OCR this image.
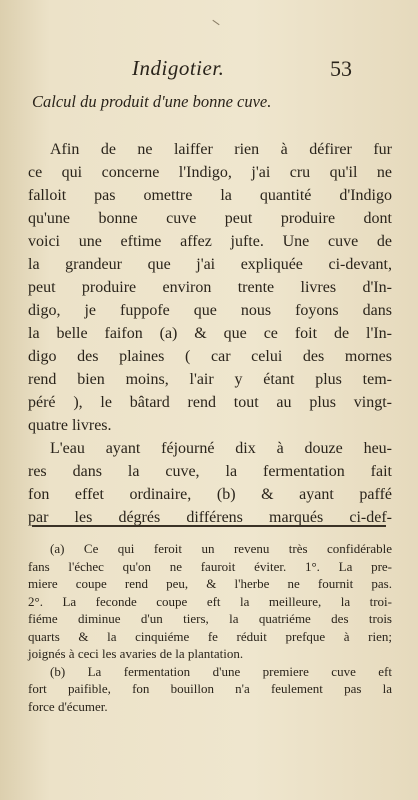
Indigotier.	53
Calcul du produit d'une bonne cuve.
Afin de ne laiffer rien à défirer fur
ce qui concerne l'Indigo, j'ai cru qu'il ne
falloit pas omettre la quantité d'Indigo
qu'une bonne cuve peut produire dont
voici une eftime affez jufte. Une cuve de
la grandeur que j'ai expliquée ci-devant,
peut produire environ trente livres d'In-
digo, je fuppofe que nous foyons dans
la belle faifon (a) & que ce foit de l'In-
digo des plaines ( car celui des mornes
rend bien moins, l'air y étant plus tem-
péré ), le bâtard rend tout au plus vingt-
quatre livres.
L'eau ayant féjourné dix à douze heu-
res dans la cuve, la fermentation fait
fon effet ordinaire, (b) & ayant paffé
par les dégrés différens marqués ci-def-
(a) Ce qui feroit un revenu très confidérable
fans l'échec qu'on ne fauroit éviter. 1°. La pre-
miere coupe rend peu, & l'herbe ne fournit pas.
2°. La feconde coupe eft la meilleure, la troi-
fiéme diminue d'un tiers, la quatriéme des trois
quarts & la cinquiéme fe réduit prefque à rien;
joignés à ceci les avaries de la plantation.
(b) La fermentation d'une premiere cuve eft
fort paifible, fon bouillon n'a feulement pas la
force d'écumer.
